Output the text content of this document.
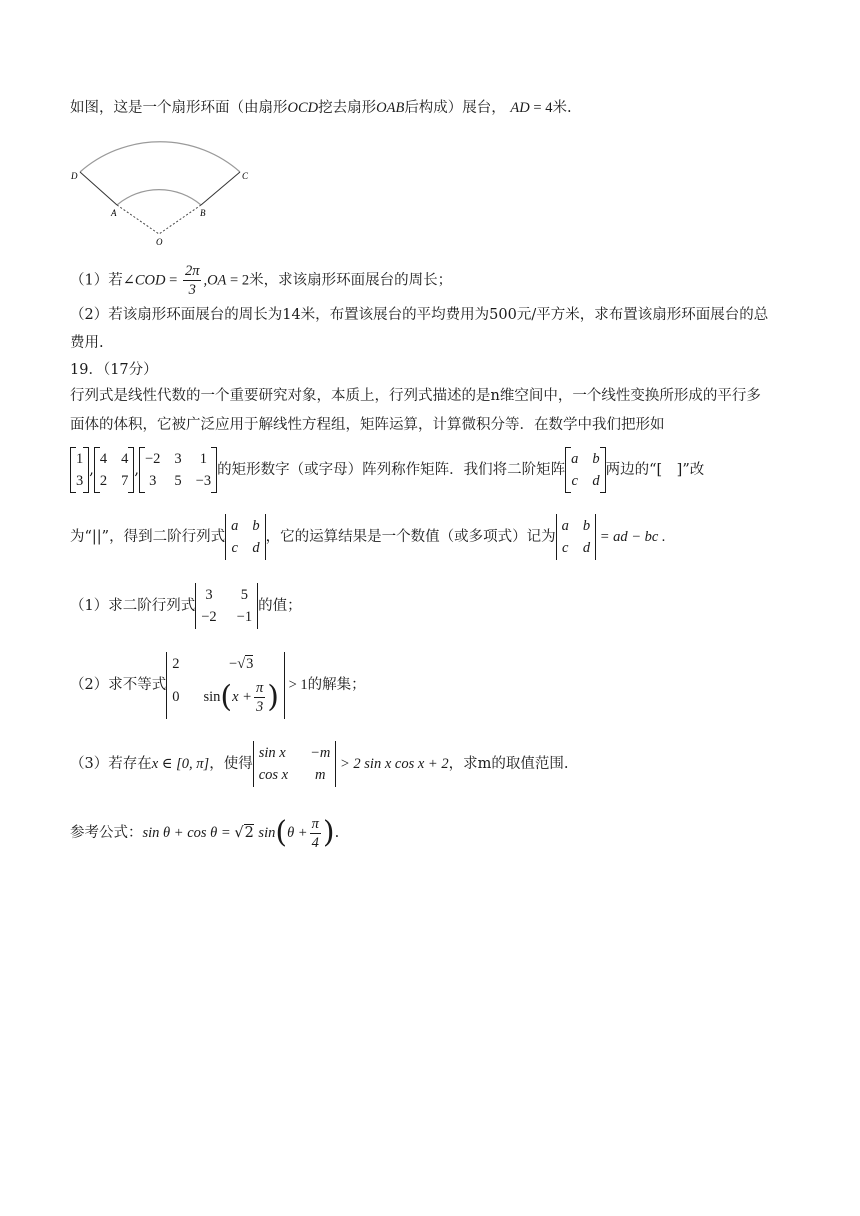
如图，这是一个扇形环面（由扇形OCD挖去扇形OAB后构成）展台， AD = 4米.
D	C
A	B
O
（1）若∠COD = $\frac{2\pi}{3} ,OA = 2$米，求该扇形环面展台的周长；
（2）若该扇形环面展台的周长为14米，布置该展台的平均费用为500元/平方米，求布置该扇形环面展台的总
费用.
19．（17分）
行列式是线性代数的一个重要研究对象，本质上，行列式描述的是n维空间中，一个线性变换所形成的平行多
面体的体积，它被广泛应用于解线性方程组，矩阵运算，计算微积分等．在数学中我们把形如
1
3
,
4 4
2 7
,
−2 3 1
3 5 −3
的矩形数字（或字母）阵列称作矩阵．我们将二阶矩阵
a b
c d
两边的“[　]”改
为“||”，得到二阶行列式
a b
c d
，它的运算结果是一个数值（或多项式）记为
a b
c d
= ad − bc .
（1）求二阶行列式
3 5
−2 −1
的值；
（2）求不等式
2	−√3
0 $\sin(x + \frac{\pi}{3}$ ) > 1的解集；
（3）若存在x ∈ [0, π]，使得
sin x −m
cos x	m
> 2 sin x cos x + 2，求m的取值范围.
参考公式：sin θ + cos θ = √2 $\sin(\theta + \frac{\pi}{4}$ ).
